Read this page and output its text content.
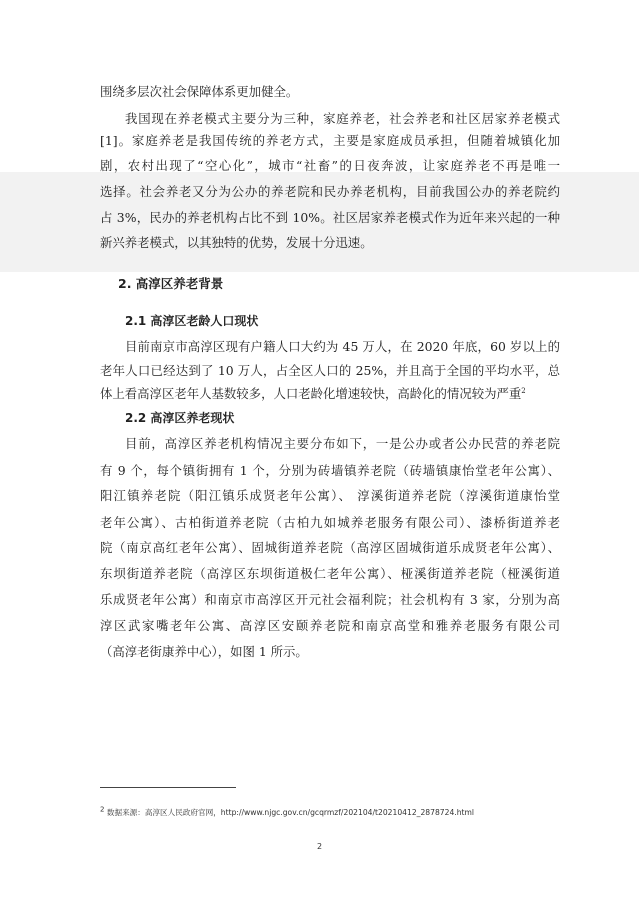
围绕多层次社会保障体系更加健全。
我国现在养老模式主要分为三种，家庭养老，社会养老和社区居家养老模式
[1]。家庭养老是我国传统的养老方式，主要是家庭成员承担，但随着城镇化加
剧，农村出现了“空心化”，城市“社畜”的日夜奔波，让家庭养老不再是唯一
选择。社会养老又分为公办的养老院和民办养老机构，目前我国公办的养老院约
占 3%，民办的养老机构占比不到 10%。社区居家养老模式作为近年来兴起的一种
新兴养老模式，以其独特的优势，发展十分迅速。
2. 高淳区养老背景
2.1 高淳区老龄人口现状
目前南京市高淳区现有户籍人口大约为 45 万人，在 2020 年底，60 岁以上的
老年人口已经达到了 10 万人，占全区人口的 25%，并且高于全国的平均水平，总
体上看高淳区老年人基数较多，人口老龄化增速较快，高龄化的情况较为严重$^2$
2.2 高淳区养老现状
目前，高淳区养老机构情况主要分布如下，一是公办或者公办民营的养老院
有 9 个，每个镇街拥有 1 个，分别为砖墙镇养老院（砖墙镇康怡堂老年公寓）、
阳江镇养老院（阳江镇乐成贤老年公寓）、 淳溪街道养老院（淳溪街道康怡堂
老年公寓）、古柏街道养老院（古柏九如城养老服务有限公司）、漆桥街道养老
院（南京高红老年公寓）、固城街道养老院（高淳区固城街道乐成贤老年公寓）、
东坝街道养老院（高淳区东坝街道极仁老年公寓）、桠溪街道养老院（桠溪街道
乐成贤老年公寓）和南京市高淳区开元社会福利院；社会机构有 3 家，分别为高
淳区武家嘴老年公寓、高淳区安颐养老院和南京高堂和雅养老服务有限公司
（高淳老街康养中心），如图 1 所示。
2 数据来源：高淳区人民政府官网，http://www.njgc.gov.cn/gcqrmzf/202104/t20210412_2878724.html
2
